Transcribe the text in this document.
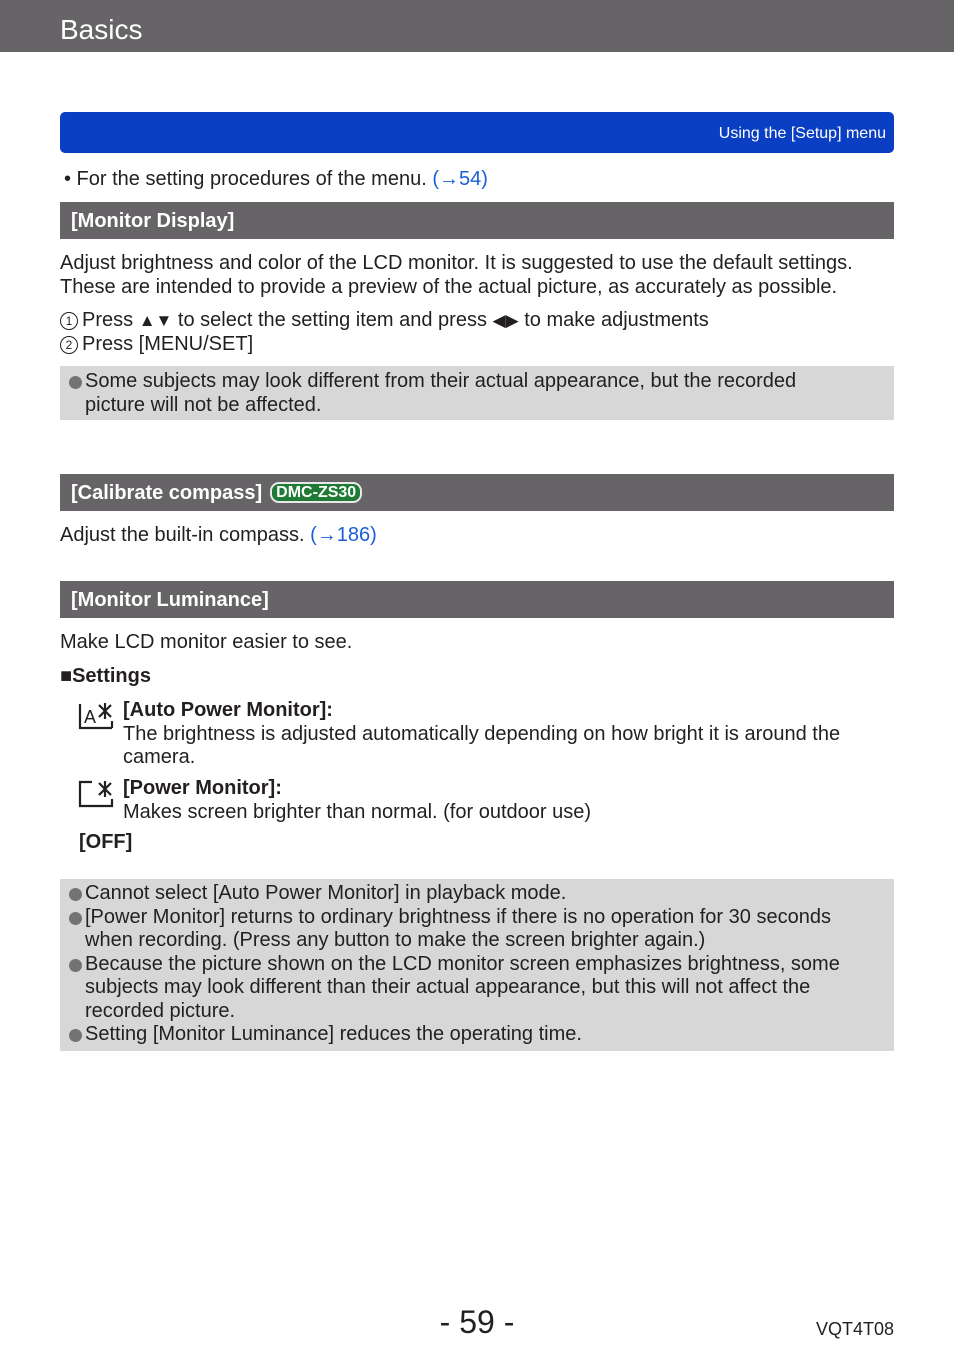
Basics
Using the [Setup] menu
• For the setting procedures of the menu. (→54)
[Monitor Display]
Adjust brightness and color of the LCD monitor. It is suggested to use the default settings.
These are intended to provide a preview of the actual picture, as accurately as possible.
1 Press ▲▼ to select the setting item and press ◀▶ to make adjustments
2 Press [MENU/SET]
Some subjects may look different from their actual appearance, but the recorded
picture will not be affected.
[Calibrate compass] DMC-ZS30
Adjust the built-in compass. (→186)
[Monitor Luminance]
Make LCD monitor easier to see.
■Settings
A [Auto Power Monitor]:
The brightness is adjusted automatically depending on how bright it is around the
camera.
[Power Monitor]:
Makes screen brighter than normal. (for outdoor use)
[OFF]
Cannot select [Auto Power Monitor] in playback mode.
[Power Monitor] returns to ordinary brightness if there is no operation for 30 seconds
when recording. (Press any button to make the screen brighter again.)
Because the picture shown on the LCD monitor screen emphasizes brightness, some
subjects may look different than their actual appearance, but this will not affect the
recorded picture.
Setting [Monitor Luminance] reduces the operating time.
- 59 -	VQT4T08
